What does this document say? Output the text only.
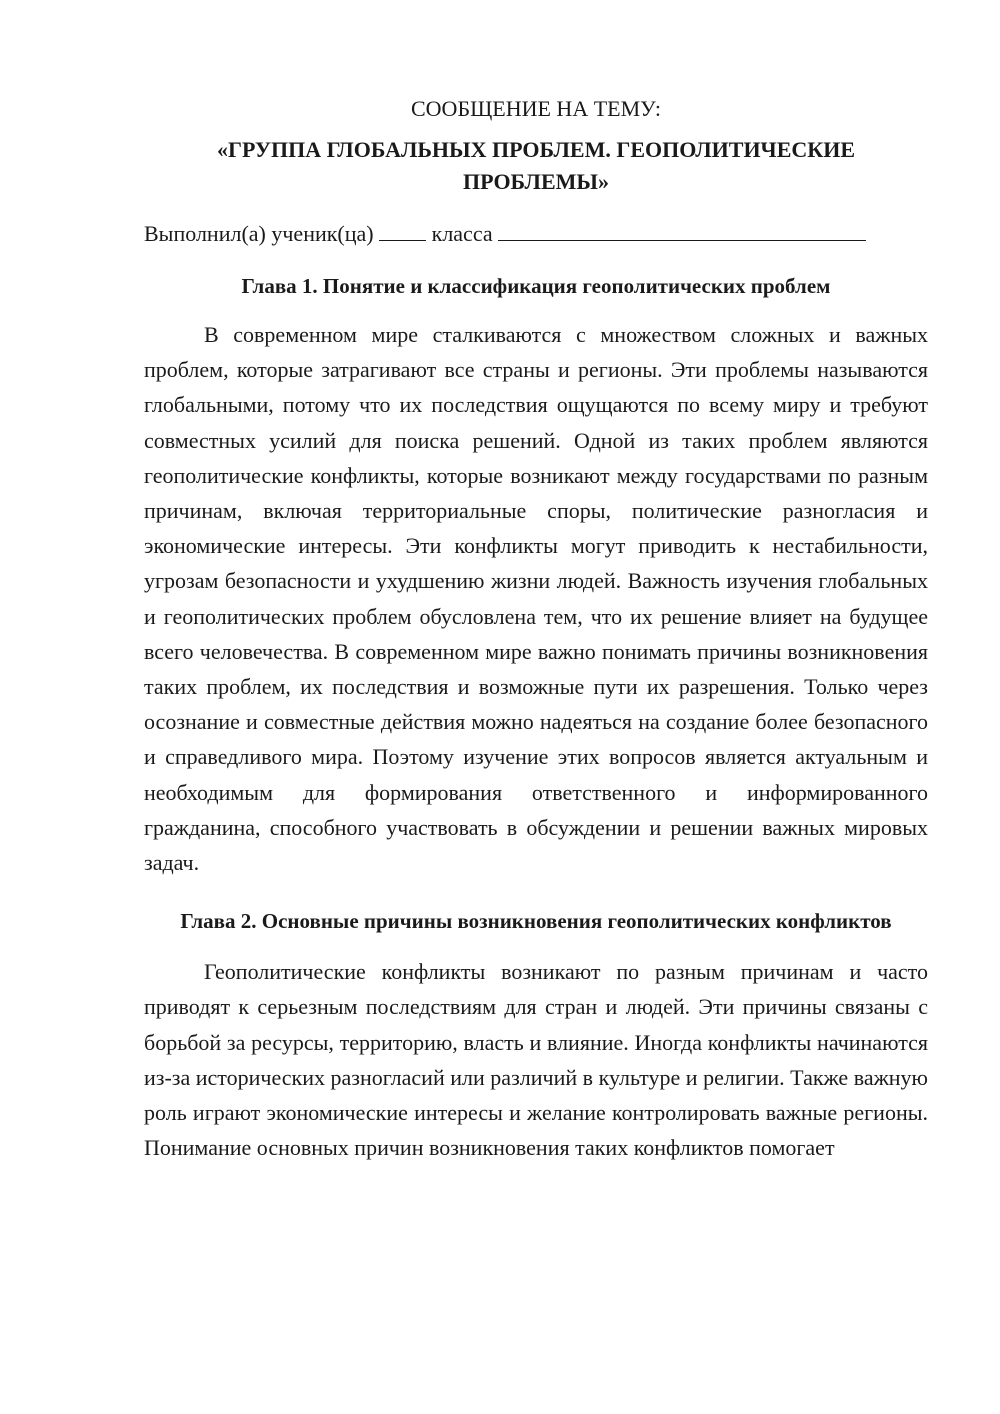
СООБЩЕНИЕ НА ТЕМУ:
«ГРУППА ГЛОБАЛЬНЫХ ПРОБЛЕМ. ГЕОПОЛИТИЧЕСКИЕ
ПРОБЛЕМЫ»
Выполнил(а) ученик(ца)	класса
Глава 1. Понятие и классификация геополитических проблем

В современном мире сталкиваются с множеством сложных и важных проблем, которые затрагивают все страны и регионы. Эти проблемы называются глобальными, потому что их последствия ощущаются по всему миру и требуют совместных усилий для поиска решений. Одной из таких проблем являются геополитические конфликты, которые возникают между государствами по разным причинам, включая территориальные споры, политические разногласия и экономические интересы. Эти конфликты могут приводить к нестабильности, угрозам безопасности и ухудшению жизни людей. Важность изучения глобальных и геополитических проблем обусловлена тем, что их решение влияет на будущее всего человечества. В современном мире важно понимать причины возникновения таких проблем, их последствия и возможные пути их разрешения. Только через осознание и совместные действия можно надеяться на создание более безопасного и справедливого мира. Поэтому изучение этих вопросов является актуальным и необходимым для формирования ответственного и информированного гражданина, способного участвовать в обсуждении и решении важных мировых задач.

Глава 2. Основные причины возникновения геополитических конфликтов

Геополитические конфликты возникают по разным причинам и часто приводят к серьезным последствиям для стран и людей. Эти причины связаны с борьбой за ресурсы, территорию, власть и влияние. Иногда конфликты начинаются из-за исторических разногласий или различий в культуре и религии. Также важную роль играют экономические интересы и желание контролировать важные регионы. Понимание основных причин возникновения таких конфликтов помогает
